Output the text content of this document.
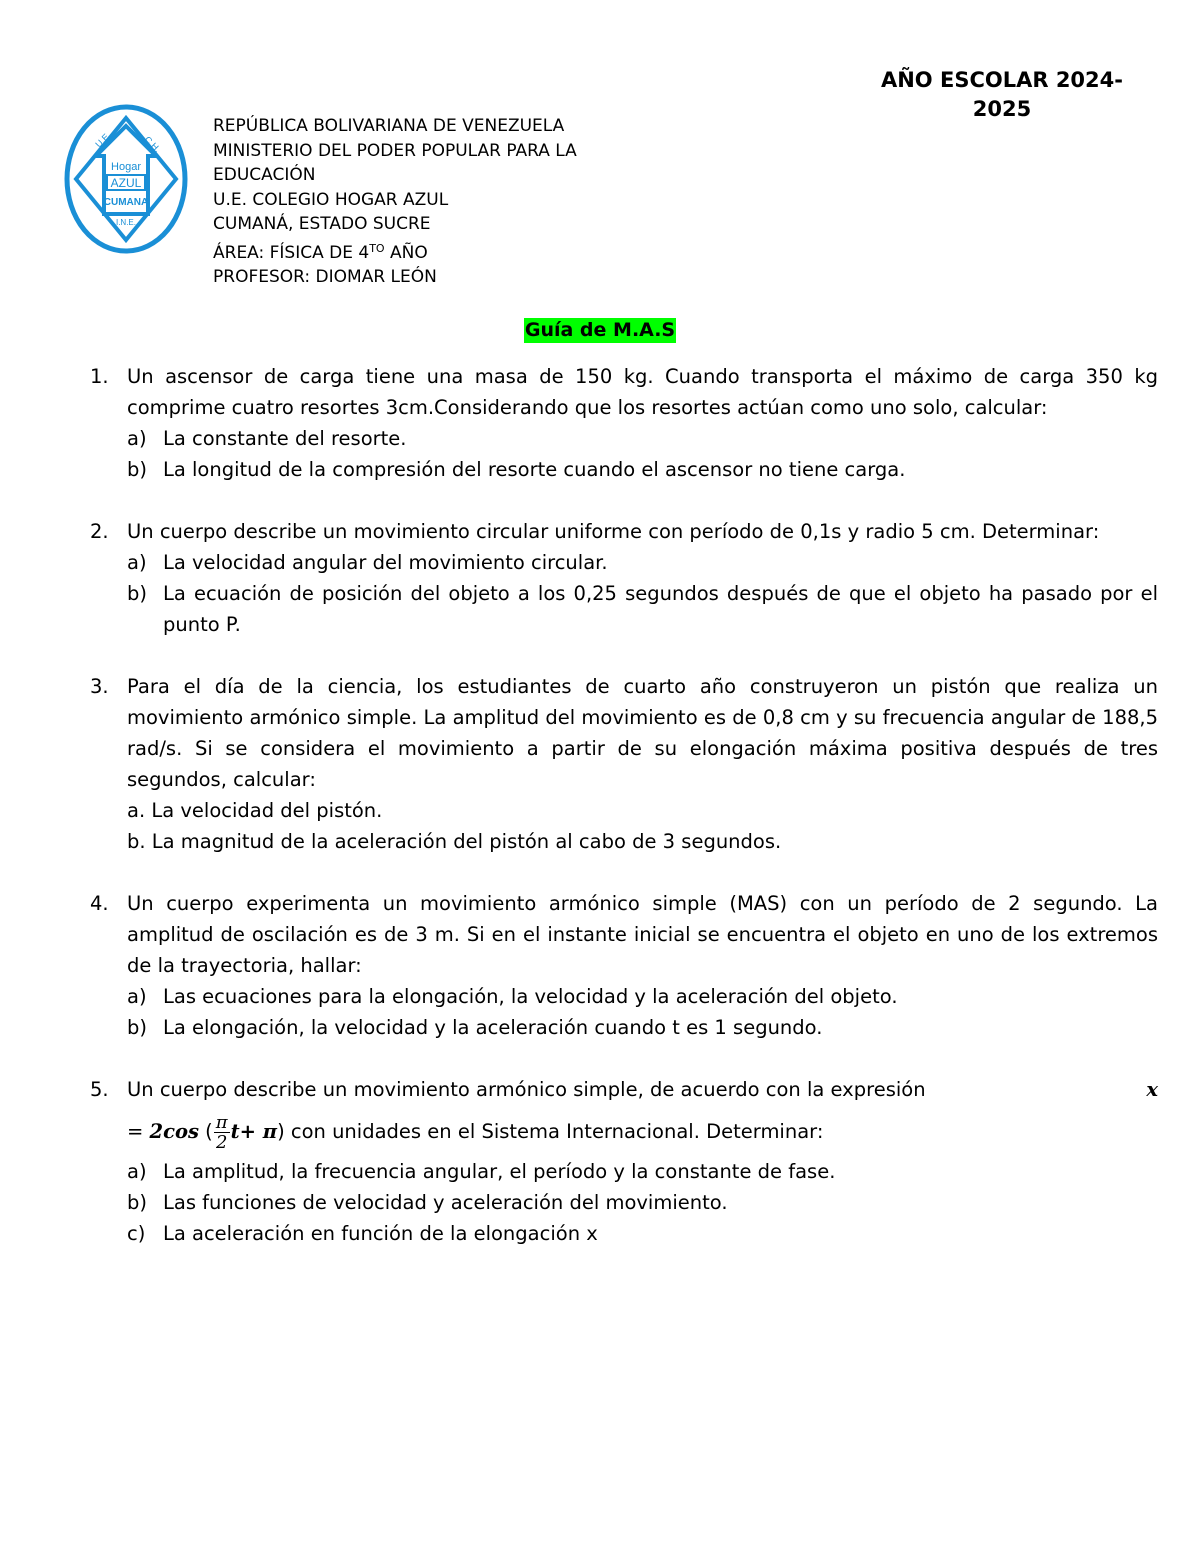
AÑO ESCOLAR 2024-
2025
U.E.	C.H.
Hogar
AZUL
CUMANA
I.N.E.
REPÚBLICA BOLIVARIANA DE VENEZUELA
MINISTERIO DEL PODER POPULAR PARA LA
EDUCACIÓN
U.E. COLEGIO HOGAR AZUL
CUMANÁ, ESTADO SUCRE
ÁREA: FÍSICA DE $4^{TO}$ AÑO
PROFESOR: DIOMAR LEÓN
Guía de M.A.S
1. Un ascensor de carga tiene una masa de 150 kg. Cuando transporta el máximo de carga 350 kg comprime cuatro resortes 3cm.Considerando que los resortes actúan como uno solo, calcular:
a) La constante del resorte.
b) La longitud de la compresión del resorte cuando el ascensor no tiene carga.
2. Un cuerpo describe un movimiento circular uniforme con período de 0,1s y radio 5 cm. Determinar:
a) La velocidad angular del movimiento circular.
b) La ecuación de posición del objeto a los 0,25 segundos después de que el objeto ha pasado por el punto P.
3. Para el día de la ciencia, los estudiantes de cuarto año construyeron un pistón que realiza un movimiento armónico simple. La amplitud del movimiento es de 0,8 cm y su frecuencia angular de 188,5 rad/s. Si se considera el movimiento a partir de su elongación máxima positiva después de tres segundos, calcular:
a. La velocidad del pistón.
b. La magnitud de la aceleración del pistón al cabo de 3 segundos.
4. Un cuerpo experimenta un movimiento armónico simple (MAS) con un período de 2 segundo. La amplitud de oscilación es de 3 m. Si en el instante inicial se encuentra el objeto en uno de los extremos de la trayectoria, hallar:
a) Las ecuaciones para la elongación, la velocidad y la aceleración del objeto.
b) La elongación, la velocidad y la aceleración cuando t es 1 segundo.
5. Un cuerpo describe un movimiento armónico simple, de acuerdo con la expresión	x
= 2cos ( $\frac{\pi}{2} t+ \pi$) con unidades en el Sistema Internacional. Determinar:
a) La amplitud, la frecuencia angular, el período y la constante de fase.
b) Las funciones de velocidad y aceleración del movimiento.
c) La aceleración en función de la elongación x
